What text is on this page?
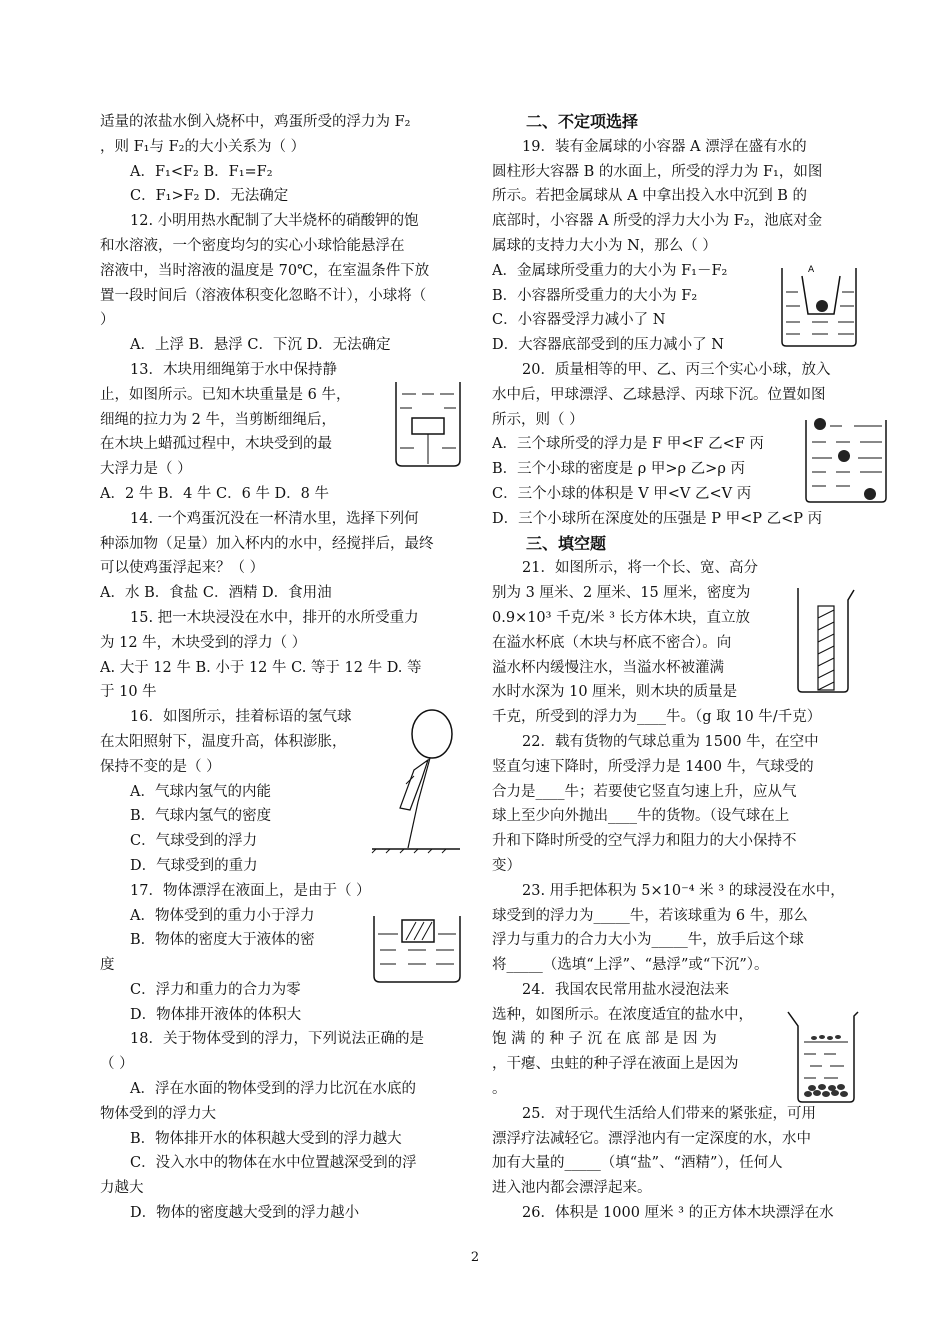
适量的浓盐水倒入烧杯中，鸡蛋所受的浮力为 F₂
，则 F₁与 F₂的大小关系为（ ）
A．F₁<F₂ B．F₁=F₂
C．F₁>F₂ D．无法确定
12. 小明用热水配制了大半烧杯的硝酸钾的饱
和水溶液，一个密度均匀的实心小球恰能悬浮在
溶液中，当时溶液的温度是 70℃，在室温条件下放
置一段时间后（溶液体积变化忽略不计），小球将（
）
A．上浮 B．悬浮 C．下沉 D．无法确定
13．木块用细绳第于水中保持静
止，如图所示。已知木块重量是 6 牛，
细绳的拉力为 2 牛，当剪断细绳后，
在木块上蜡孤过程中，木块受到的最
大浮力是（ ）
A．2 牛 B．4 牛 C．6 牛 D．8 牛
14. 一个鸡蛋沉没在一杯清水里，选择下列何
种添加物（足量）加入杯内的水中，经搅拌后，最终
可以使鸡蛋浮起来？（ ）
A．水 B．食盐 C．酒精 D．食用油
15. 把一木块浸没在水中，排开的水所受重力
为 12 牛，木块受到的浮力（ ）
A. 大于 12 牛 B. 小于 12 牛 C. 等于 12 牛 D. 等
于 10 牛
16．如图所示，挂着标语的氢气球
在太阳照射下，温度升高，体积澎胀，
保持不变的是（ ）
A．气球内氢气的内能
B．气球内氢气的密度
C．气球受到的浮力
D．气球受到的重力
17．物体漂浮在液面上，是由于（ ）
A．物体受到的重力小于浮力
B．物体的密度大于液体的密
度
C．浮力和重力的合力为零
D．物体排开液体的体积大
18．关于物体受到的浮力，下列说法正确的是
（ ）
A．浮在水面的物体受到的浮力比沉在水底的
物体受到的浮力大
B．物体排开水的体积越大受到的浮力越大
C．没入水中的物体在水中位置越深受到的浮
力越大
D．物体的密度越大受到的浮力越小
二、不定项选择
19．装有金属球的小容器 A 漂浮在盛有水的
圆柱形大容器 B 的水面上，所受的浮力为 F₁，如图
所示。若把金属球从 A 中拿出投入水中沉到 B 的
底部时，小容器 A 所受的浮力大小为 F₂，池底对金
属球的支持力大小为 N，那么（ ）
A．金属球所受重力的大小为 F₁－F₂
B．小容器所受重力的大小为 F₂
C．小容器受浮力减小了 N
D．大容器底部受到的压力减小了 N
20．质量相等的甲、乙、丙三个实心小球，放入
水中后，甲球漂浮、乙球悬浮、丙球下沉。位置如图
所示，则（ ）
A．三个球所受的浮力是 F 甲<F 乙<F 丙
B．三个小球的密度是 ρ 甲>ρ 乙>ρ 丙
C．三个小球的体积是 V 甲<V 乙<V 丙
D．三个小球所在深度处的压强是 P 甲<P 乙<P 丙
三、填空题
21．如图所示，将一个长、宽、高分
别为 3 厘米、2 厘米、15 厘米，密度为
0.9×10³ 千克/米 ³ 长方体木块，直立放
在溢水杯底（木块与杯底不密合）。向
溢水杯内缓慢注水，当溢水杯被灌满
水时水深为 10 厘米，则木块的质量是
千克，所受到的浮力为____牛。（g 取 10 牛/千克）
22．载有货物的气球总重为 1500 牛，在空中
竖直匀速下降时，所受浮力是 1400 牛，气球受的
合力是____牛；若要使它竖直匀速上升，应从气
球上至少向外抛出____牛的货物。（设气球在上
升和下降时所受的空气浮力和阻力的大小保持不
变）
23. 用手把体积为 5×10⁻⁴ 米 ³ 的球浸没在水中，
球受到的浮力为_____牛，若该球重为 6 牛，那么
浮力与重力的合力大小为_____牛，放手后这个球
将_____（选填“上浮”、“悬浮”或“下沉”）。
24．我国农民常用盐水浸泡法来
选种，如图所示。在浓度适宜的盐水中，
饱 满 的 种 子 沉 在 底 部 是 因 为
，干瘪、虫蛀的种子浮在液面上是因为
。
25．对于现代生活给人们带来的紧张症，可用
漂浮疗法减轻它。漂浮池内有一定深度的水，水中
加有大量的_____（填“盐”、“酒精”），任何人
进入池内都会漂浮起来。
26．体积是 1000 厘米 ³ 的正方体木块漂浮在水
A
2
